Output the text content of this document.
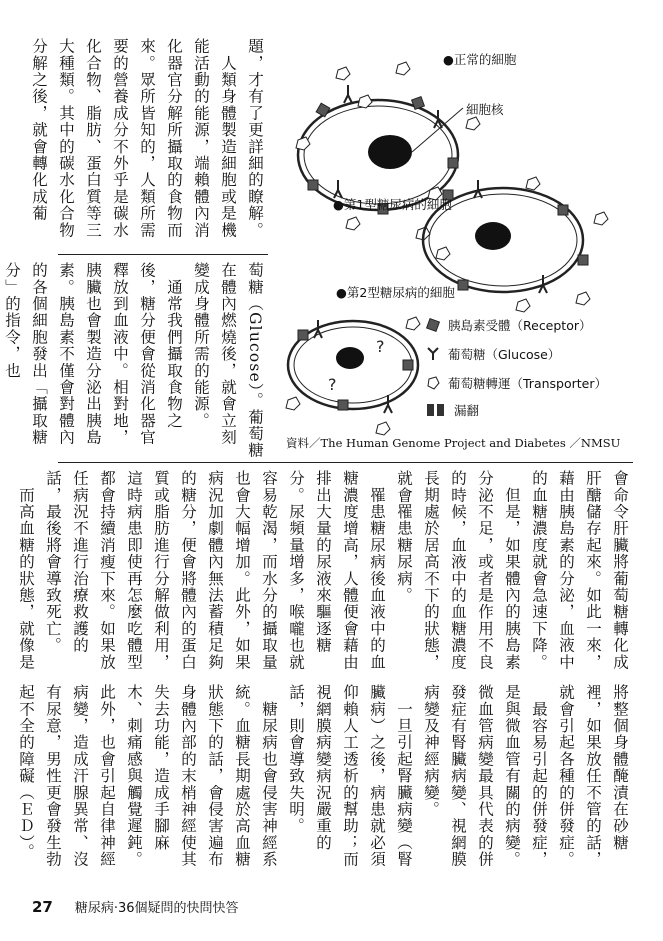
題，才有了更詳細的瞭解。
　人類身體製造細胞或是機能活動的能源，端賴體內消化器官分解所攝取的食物而來。眾所皆知的，人類所需要的營養成分不外乎是碳水化合物、脂肪、蛋白質等三大種類。其中的碳水化合物分解之後，就會轉化成葡
萄糖（Glucose）。葡萄糖在體內燃燒後，就會立刻變成身體所需的能源。
　通常我們攝取食物之後，糖分便會從消化器官釋放到血液中。相對地，胰臟也會製造分泌出胰島素。胰島素不僅會對體內的各個細胞發出「攝取糖分」的指令，也	?
?
●正常的細胞
細胞核
●第1型糖尿病的細胞
●第2型糖尿病的細胞
胰島素受體（Receptor）
葡萄糖（Glucose）
葡萄糖轉運（Transporter）
漏翻
資料／The Human Genome Project and Diabetes ／NMSU
會命令肝臟將葡萄糖轉化成肝醣儲存起來。如此一來，藉由胰島素的分泌，血液中的血糖濃度就會急速下降。
　但是，如果體內的胰島素分泌不足，或者是作用不良的時候，血液中的血糖濃度長期處於居高不下的狀態，就會罹患糖尿病。
　罹患糖尿病後血液中的血糖濃度增高，人體便會藉由排出大量的尿液來驅逐糖分。尿頻量增多，喉嚨也就容易乾渴，而水分的攝取量也會大幅增加。此外，如果病況加劇體內無法蓄積足夠的糖分，便會將體內的蛋白質或脂肪進行分解做利用，這時病患即使再怎麼吃體型都會持續消瘦下來。如果放任病況不進行治療救護的話，最後將會導致死亡。
　而高血糖的狀態，就像是
將整個身體醃漬在砂糖裡，如果放任不管的話，就會引起各種的併發症。
　最容易引起的併發症，是與微血管有關的病變。微血管病變最具代表的併發症有腎臟病變、視網膜病變及神經病變。
　一旦引起腎臟病變（腎臟病）之後，病患就必須仰賴人工透析的幫助；而視網膜病變病況嚴重的話，則會導致失明。
　糖尿病也會侵害神經系統。血糖長期處於高血糖狀態下的話，會侵害遍布身體內部的末梢神經使其失去功能，造成手腳麻木、刺痛感與觸覺遲鈍。此外，也會引起自律神經病變，造成汗腺異常、沒有尿意，男性更會發生勃起不全的障礙（ＥＤ）。
27 糖尿病‧36個疑問的快問快答
